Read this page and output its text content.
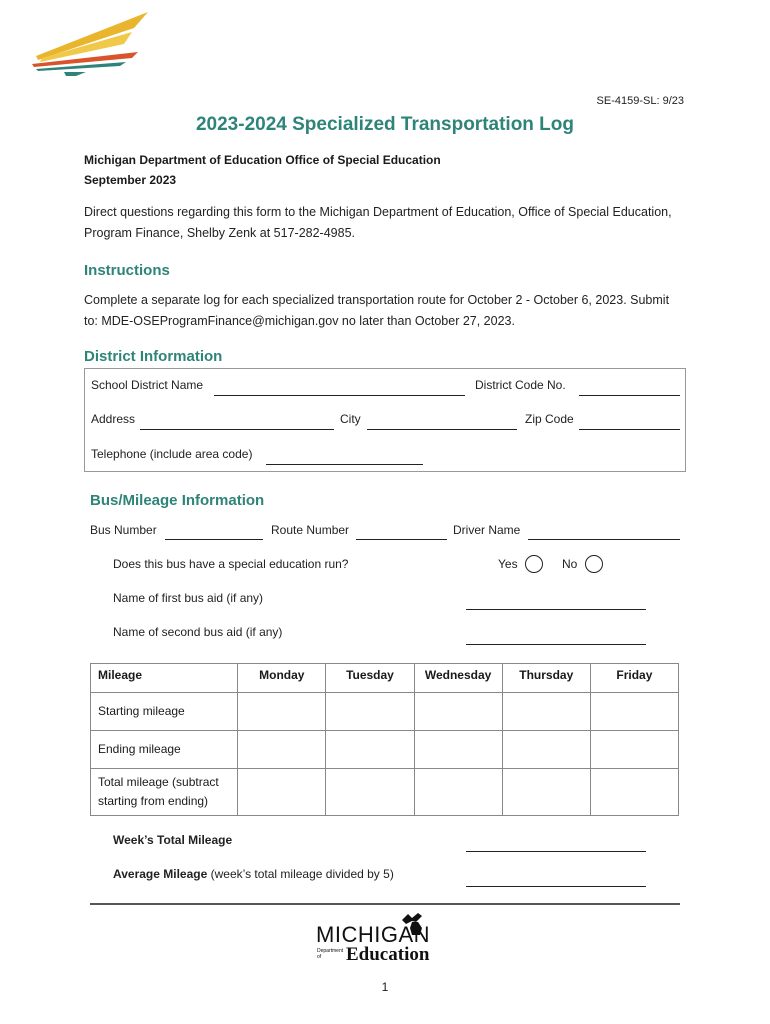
SE-4159-SL: 9/23
2023-2024 Specialized Transportation Log
Michigan Department of Education Office of Special Education
September 2023
Direct questions regarding this form to the Michigan Department of Education, Office of Special Education, Program Finance, Shelby Zenk at 517-282-4985.
Instructions
Complete a separate log for each specialized transportation route for October 2 - October 6, 2023. Submit to: MDE-OSEProgramFinance@michigan.gov no later than October 27, 2023.
District Information
School District Name	District Code No.
Address	City	Zip Code
Telephone (include area code)
Bus/Mileage Information
Bus Number	Route Number	Driver Name
Does this bus have a special education run?	Yes	No
Name of first bus aid (if any)
Name of second bus aid (if any)
Mileage	Monday	Tuesday	Wednesday	Thursday	Friday
Starting mileage					
Ending mileage					
Total mileage (subtract starting from ending)					
Week’s Total Mileage
Average Mileage (week’s total mileage divided by 5)
MICHIGAN
Department of	Education
1
